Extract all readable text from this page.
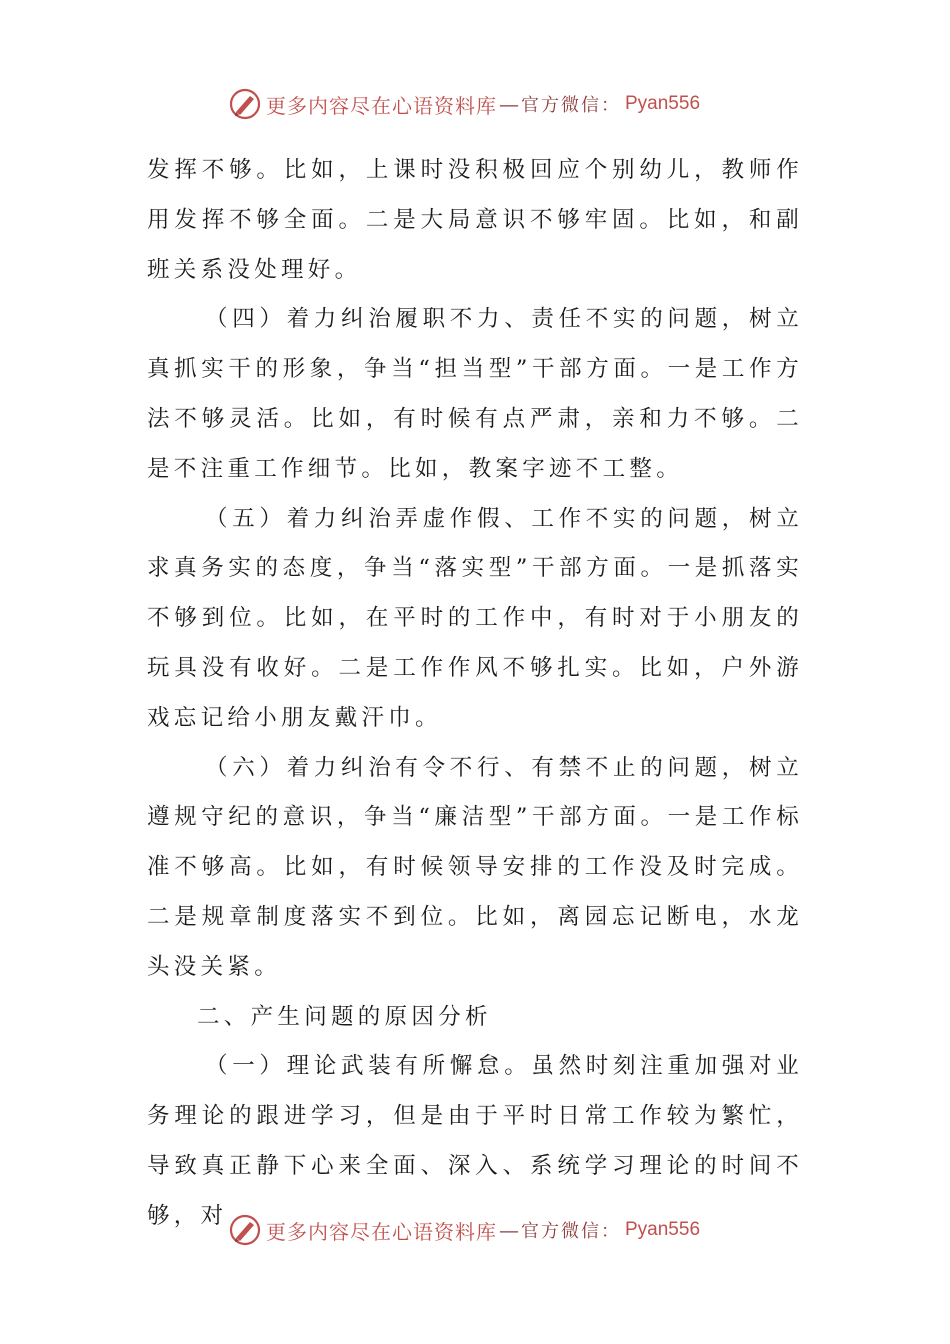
更多内容尽在心语资料库 — 官方微信： Pyan556

发挥不够。比如，上课时没积极回应个别幼儿，教师作用发挥不够全面。二是大局意识不够牢固。比如，和副班关系没处理好。

（四）着力纠治履职不力、责任不实的问题，树立真抓实干的形象，争当“担当型”干部方面。一是工作方法不够灵活。比如，有时候有点严肃，亲和力不够。二是不注重工作细节。比如，教案字迹不工整。

（五）着力纠治弄虚作假、工作不实的问题，树立求真务实的态度，争当“落实型”干部方面。一是抓落实不够到位。比如，在平时的工作中，有时对于小朋友的玩具没有收好。二是工作作风不够扎实。比如，户外游戏忘记给小朋友戴汗巾。

（六）着力纠治有令不行、有禁不止的问题，树立遵规守纪的意识，争当“廉洁型”干部方面。一是工作标准不够高。比如，有时候领导安排的工作没及时完成。二是规章制度落实不到位。比如，离园忘记断电，水龙头没关紧。

二、产生问题的原因分析

（一）理论武装有所懈怠。虽然时刻注重加强对业务理论的跟进学习，但是由于平时日常工作较为繁忙，导致真正静下心来全面、深入、系统学习理论的时间不够，对

更多内容尽在心语资料库 — 官方微信： Pyan556
